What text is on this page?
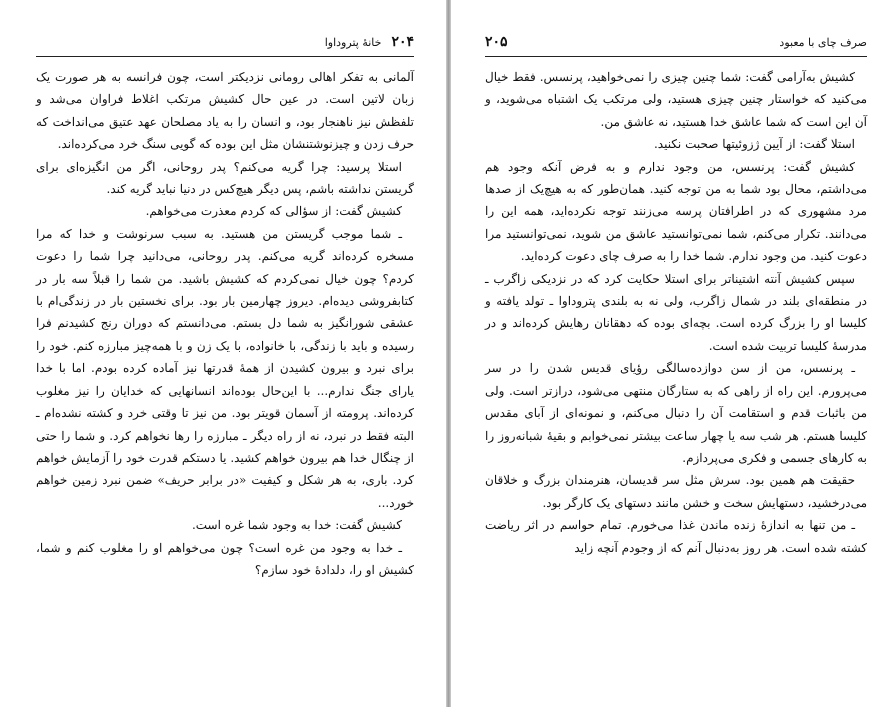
۲۰۴
خانهٔ پتروداوا

آلمانی به تفکر اهالی رومانی نزدیکتر است، چون فرانسه به هر صورت یک زبان لاتین است. در عین حال کشیش مرتکب اغلاط فراوان می‌شد و تلفظش نیز ناهنجار بود، و انسان را به یاد مصلحان عهد عتیق می‌انداخت که حرف زدن و چیزنوشتنشان مثل این بوده که گویی سنگ خرد می‌کرده‌اند.

استلا پرسید: چرا گریه می‌کنم؟ پدر روحانی، اگر من انگیزه‌ای برای گریستن نداشته باشم، پس دیگر هیچ‌کس در دنیا نباید گریه کند.

کشیش گفت: از سؤالی که کردم معذرت می‌خواهم.

ـ شما موجب گریستن من هستید. به سبب سرنوشت و خدا که مرا مسخره کرده‌اند گریه می‌کنم. پدر روحانی، می‌دانید چرا شما را دعوت کردم؟ چون خیال نمی‌کردم که کشیش باشید. من شما را قبلاً سه بار در کتابفروشی دیده‌ام. دیروز چهارمین بار بود. برای نخستین بار در زندگی‌ام با عشقی شورانگیز به شما دل بستم. می‌دانستم که دوران رنج کشیدنم فرا رسیده و باید با زندگی، با خانواده، با یک زن و با همه‌چیز مبارزه کنم. خود را برای نبرد و بیرون کشیدن از همهٔ قدرتها نیز آماده کرده بودم. اما با خدا یارای جنگ ندارم... با این‌حال بوده‌اند انسانهایی که خدایان را نیز مغلوب کرده‌اند. پرومته از آسمان قویتر بود. من نیز تا وقتی خرد و کشته نشده‌ام ـ البته فقط در نبرد، نه از راه دیگر ـ مبارزه را رها نخواهم کرد. و شما را حتی از چنگال خدا هم بیرون خواهم کشید. یا دستکم قدرت خود را آزمایش خواهم کرد. باری، به هر شکل و کیفیت «در برابر حریف» ضمن نبرد زمین خواهم خورد...

کشیش گفت: خدا به وجود شما غره است.

ـ خدا به وجود من غره است؟ چون می‌خواهم او را مغلوب کنم و شما، کشیش او را، دلدادهٔ خود سازم؟

صرف چای با معبود
۲۰۵

کشیش به‌آرامی گفت: شما چنین چیزی را نمی‌خواهید، پرنسس. فقط خیال می‌کنید که خواستار چنین چیزی هستید، ولی مرتکب یک اشتباه می‌شوید، و آن این است که شما عاشق خدا هستید، نه عاشق من.

استلا گفت: از آیین ژزوئیتها صحبت نکنید.

کشیش گفت: پرنسس، من وجود ندارم و به فرض آنکه وجود هم می‌داشتم، محال بود شما به من توجه کنید. همان‌طور که به هیچ‌یک از صدها مرد مشهوری که در اطرافتان پرسه می‌زنند توجه نکرده‌اید، همه این را می‌دانند. تکرار می‌کنم، شما نمی‌توانستید عاشق من شوید، نمی‌توانستید مرا دعوت کنید. من وجود ندارم. شما خدا را به صرف چای دعوت کرده‌اید.

سپس کشیش آنته اشتیناتر برای استلا حکایت کرد که در نزدیکی زاگرب ـ در منطقه‌ای بلند در شمال زاگرب، ولی نه به بلندی پتروداوا ـ تولد یافته و کلیسا او را بزرگ کرده است. بچه‌ای بوده که دهقانان رهایش کرده‌اند و در مدرسهٔ کلیسا تربیت شده است.

ـ پرنسس، من از سن دوازده‌سالگی رؤیای قدیس شدن را در سر می‌پرورم. این راه از راهی که به ستارگان منتهی می‌شود، درازتر است. ولی من باثبات قدم و استقامت آن را دنبال می‌کنم، و نمونه‌ای از آبای مقدس کلیسا هستم. هر شب سه یا چهار ساعت بیشتر نمی‌خوابم و بقیهٔ شبانه‌روز را به کارهای جسمی و فکری می‌پردازم.

حقیقت هم همین بود. سرش مثل سر قدیسان، هنرمندان بزرگ و خلاقان می‌درخشید، دستهایش سخت و خشن مانند دستهای یک کارگر بود.

ـ من تنها به اندازهٔ زنده ماندن غذا می‌خورم. تمام حواسم در اثر ریاضت کشته شده است. هر روز به‌دنبال آنم که از وجودم آنچه زاید
